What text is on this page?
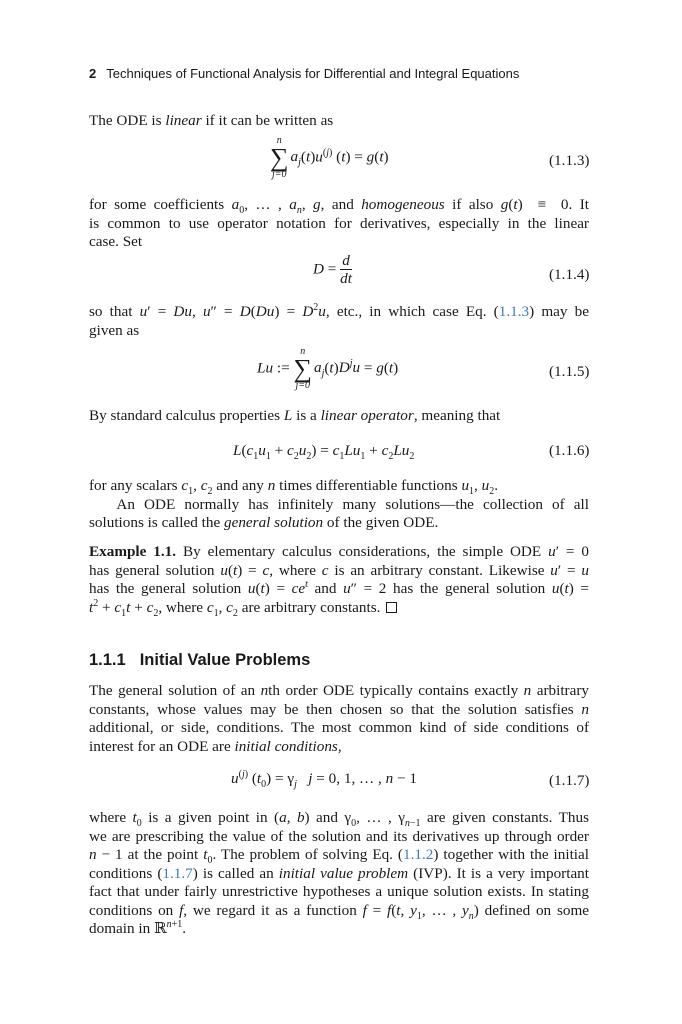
2 Techniques of Functional Analysis for Differential and Integral Equations
The ODE is linear if it can be written as
n
∑
j=0
$a_j(t)u^{(j)}$ (t) = g(t)	(1.1.3)
for some coefficients $a_0$, … , $a_n$, g, and homogeneous if also g(t)  ≡  0. It
is common to use operator notation for derivatives, especially in the linear
case. Set
$D = \frac{d}{dt}$	(1.1.4)
so that u′ = Du, $u'' = D(Du) = D^2u$, etc., in which case Eq. (1.1.3) may be
given as
Lu :=
n
∑
j=0
$a_j(t)D^ju = g(t)$	(1.1.5)
By standard calculus properties L is a linear operator, meaning that
$L(c_1u_1 + c_2u_2) = c_1Lu_1 + c_2Lu_2$	(1.1.6)
for any scalars $c_1$, $c_2$ and any n times differentiable functions $u_1$, $u_2$.
An ODE normally has infinitely many solutions—the collection of all
solutions is called the general solution of the given ODE.
Example 1.1. By elementary calculus considerations, the simple ODE u′ = 0
has general solution u(t) = c, where c is an arbitrary constant. Likewise u′ = u
has the general solution $u(t) = ce^t$ and u″ = 2 has the general solution u(t) =
$t^2 + c_1t + c_2$, where $c_1$, $c_2$ are arbitrary constants.
1.1.1 Initial Value Problems
The general solution of an nth order ODE typically contains exactly n arbitrary
constants, whose values may be then chosen so that the solution satisfies n
additional, or side, conditions. The most common kind of side conditions of
interest for an ODE are initial conditions,
$u^{(j)}$ $(t_0) = \gamma_j$ j = 0, 1, … , n − 1	(1.1.7)
where $t_0$ is a given point in (a, b) and $\gamma_0$, … , $\gamma_{n-1}$ are given constants. Thus
we are prescribing the value of the solution and its derivatives up through order
n − 1 at the point $t_0$. The problem of solving Eq. (1.1.2) together with the initial
conditions (1.1.7) is called an initial value problem (IVP). It is a very important
fact that under fairly unrestrictive hypotheses a unique solution exists. In stating
conditions on f, we regard it as a function f = f(t, $y_1$, … , $y_n$) defined on some
domain in ℝ$^{n+1}$.
